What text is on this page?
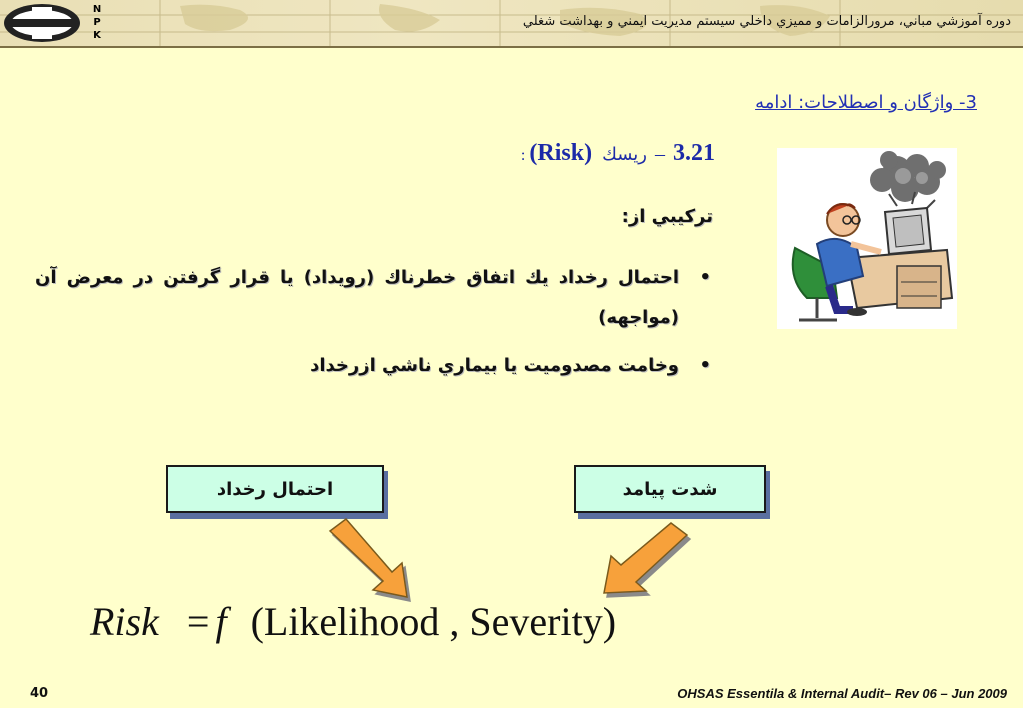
N
P
K
دوره آموزشي مباني، مرورالزامات و مميزي داخلي سيستم مديريت ايمني و بهداشت شغلي
3- واژگان و اصطلاحات: ادامه
3.21 – ريسك (Risk) :
تركيبي از:
•
احتمال رخداد يك اتفاق خطرناك (رويداد) يا قرار گرفتن در معرض آن (مواجهه)
•
وخامت مصدوميت يا بيماري ناشي ازرخداد
احتمال رخداد	شدت پيامد
Risk = f (Likelihood , Severity)
40	OHSAS Essentila & Internal Audit– Rev 06 – Jun 2009
